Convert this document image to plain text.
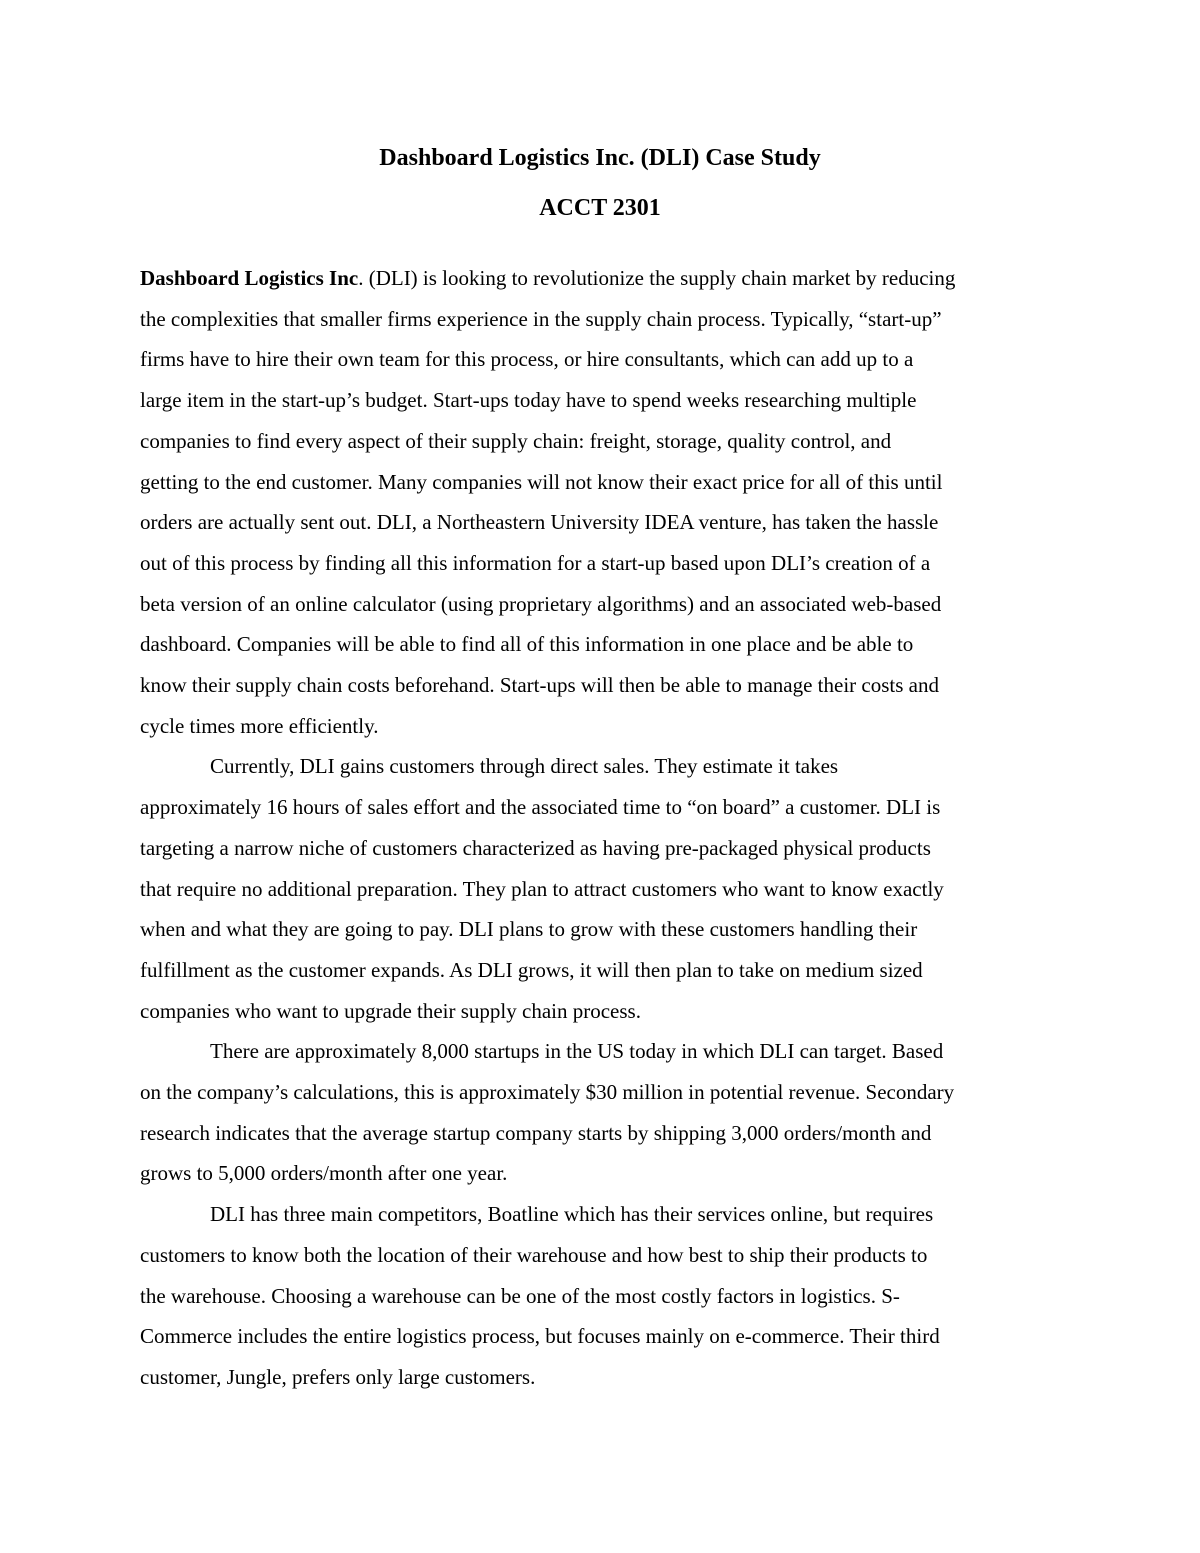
Dashboard Logistics Inc. (DLI) Case Study
ACCT 2301

Dashboard Logistics Inc. (DLI) is looking to revolutionize the supply chain market by reducing
the complexities that smaller firms experience in the supply chain process. Typically, “start-up”
firms have to hire their own team for this process, or hire consultants, which can add up to a
large item in the start-up’s budget. Start-ups today have to spend weeks researching multiple
companies to find every aspect of their supply chain: freight, storage, quality control, and
getting to the end customer. Many companies will not know their exact price for all of this until
orders are actually sent out. DLI, a Northeastern University IDEA venture, has taken the hassle
out of this process by finding all this information for a start-up based upon DLI’s creation of a
beta version of an online calculator (using proprietary algorithms) and an associated web-based
dashboard. Companies will be able to find all of this information in one place and be able to
know their supply chain costs beforehand. Start-ups will then be able to manage their costs and
cycle times more efficiently.

Currently, DLI gains customers through direct sales. They estimate it takes
approximately 16 hours of sales effort and the associated time to “on board” a customer. DLI is
targeting a narrow niche of customers characterized as having pre-packaged physical products
that require no additional preparation. They plan to attract customers who want to know exactly
when and what they are going to pay. DLI plans to grow with these customers handling their
fulfillment as the customer expands. As DLI grows, it will then plan to take on medium sized
companies who want to upgrade their supply chain process.

There are approximately 8,000 startups in the US today in which DLI can target. Based
on the company’s calculations, this is approximately $30 million in potential revenue. Secondary
research indicates that the average startup company starts by shipping 3,000 orders/month and
grows to 5,000 orders/month after one year.

DLI has three main competitors, Boatline which has their services online, but requires
customers to know both the location of their warehouse and how best to ship their products to
the warehouse. Choosing a warehouse can be one of the most costly factors in logistics. S-
Commerce includes the entire logistics process, but focuses mainly on e-commerce. Their third
customer, Jungle, prefers only large customers.
